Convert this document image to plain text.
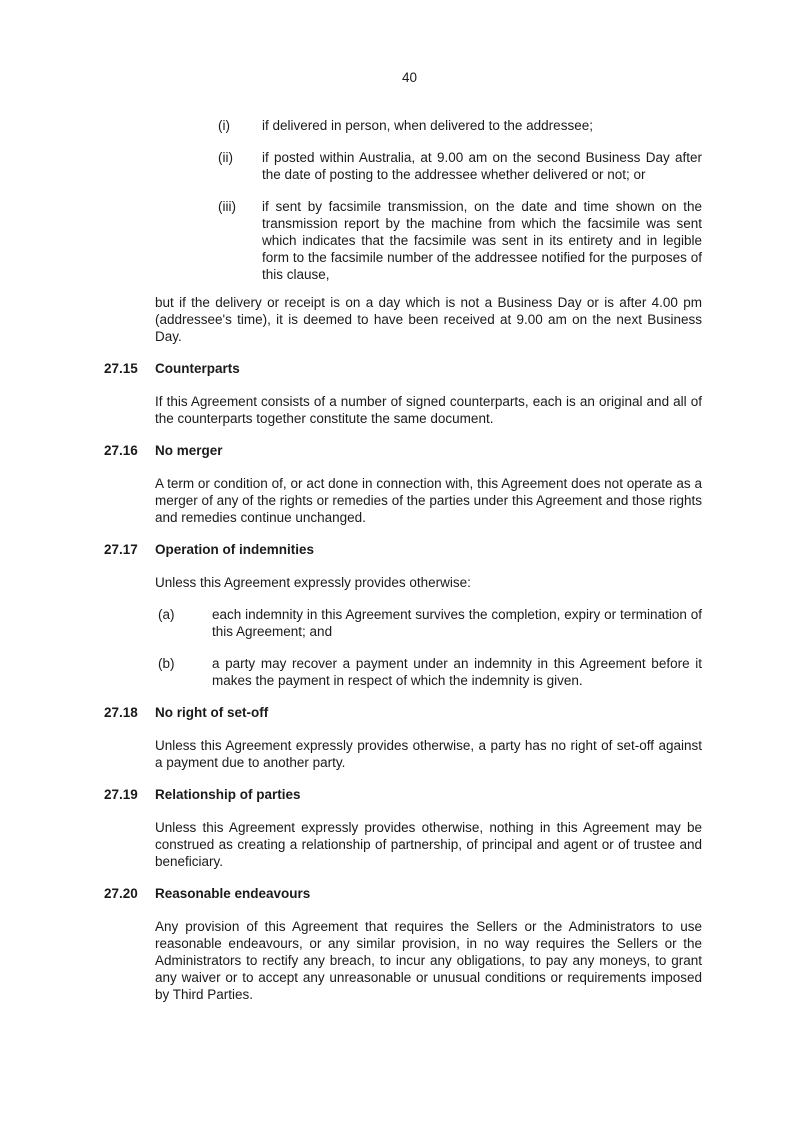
40
(i)	if delivered in person, when delivered to the addressee;
(ii)	if posted within Australia, at 9.00 am on the second Business Day after the date of posting to the addressee whether delivered or not; or
(iii)	if sent by facsimile transmission, on the date and time shown on the transmission report by the machine from which the facsimile was sent which indicates that the facsimile was sent in its entirety and in legible form to the facsimile number of the addressee notified for the purposes of this clause,

but if the delivery or receipt is on a day which is not a Business Day or is after 4.00 pm (addressee's time), it is deemed to have been received at 9.00 am on the next Business Day.

27.15	Counterparts

If this Agreement consists of a number of signed counterparts, each is an original and all of the counterparts together constitute the same document.

27.16	No merger

A term or condition of, or act done in connection with, this Agreement does not operate as a merger of any of the rights or remedies of the parties under this Agreement and those rights and remedies continue unchanged.

27.17	Operation of indemnities

Unless this Agreement expressly provides otherwise:

(a)	each indemnity in this Agreement survives the completion, expiry or termination of this Agreement; and
(b)	a party may recover a payment under an indemnity in this Agreement before it makes the payment in respect of which the indemnity is given.
27.18	No right of set-off

Unless this Agreement expressly provides otherwise, a party has no right of set-off against a payment due to another party.

27.19	Relationship of parties

Unless this Agreement expressly provides otherwise, nothing in this Agreement may be construed as creating a relationship of partnership, of principal and agent or of trustee and beneficiary.

27.20	Reasonable endeavours

Any provision of this Agreement that requires the Sellers or the Administrators to use reasonable endeavours, or any similar provision, in no way requires the Sellers or the Administrators to rectify any breach, to incur any obligations, to pay any moneys, to grant any waiver or to accept any unreasonable or unusual conditions or requirements imposed by Third Parties.
